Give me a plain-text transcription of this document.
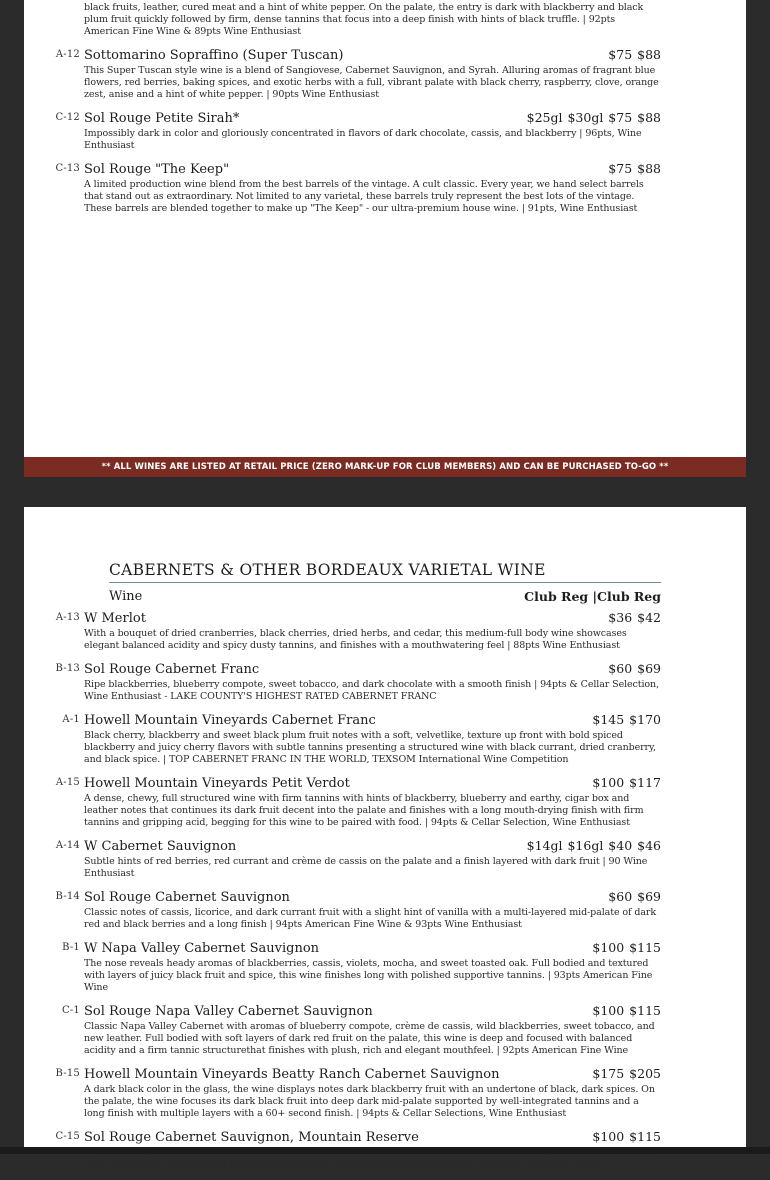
black fruits, leather, cured meat and a hint of white pepper. On the palate, the entry is dark with blackberry and black plum fruit quickly followed by firm, dense tannins that focus into a deep finish with hints of black truffle. | 92pts American Fine Wine & 89pts Wine Enthusiast
A-12 Sottomarino Sopraffino (Super Tuscan)	$75 $88
This Super Tuscan style wine is a blend of Sangiovese, Cabernet Sauvignon, and Syrah. Alluring aromas of fragrant blue flowers, red berries, baking spices, and exotic herbs with a full, vibrant palate with black cherry, raspberry, clove, orange zest, anise and a hint of white pepper. | 90pts Wine Enthusiast
C-12 Sol Rouge Petite Sirah*	$25gl $30gl $75 $88
Impossibly dark in color and gloriously concentrated in flavors of dark chocolate, cassis, and blackberry | 96pts, Wine Enthusiast
C-13 Sol Rouge "The Keep"	$75 $88
A limited production wine blend from the best barrels of the vintage. A cult classic. Every year, we hand select barrels that stand out as extraordinary. Not limited to any varietal, these barrels truly represent the best lots of the vintage. These barrels are blended together to make up "The Keep" - our ultra-premium house wine. | 91pts, Wine Enthusiast
** ALL WINES ARE LISTED AT RETAIL PRICE (ZERO MARK-UP FOR CLUB MEMBERS) AND CAN BE PURCHASED TO-GO **
CABERNETS & OTHER BORDEAUX VARIETAL WINE
Wine	Club Reg |Club Reg
A-13 W Merlot	$36 $42
With a bouquet of dried cranberries, black cherries, dried herbs, and cedar, this medium-full body wine showcases elegant balanced acidity and spicy dusty tannins, and finishes with a mouthwatering feel | 88pts Wine Enthusiast
B-13 Sol Rouge Cabernet Franc	$60 $69
Ripe blackberries, blueberry compote, sweet tobacco, and dark chocolate with a smooth finish | 94pts & Cellar Selection, Wine Enthusiast - LAKE COUNTY'S HIGHEST RATED CABERNET FRANC
A-1 Howell Mountain Vineyards Cabernet Franc	$145 $170
Black cherry, blackberry and sweet black plum fruit notes with a soft, velvetlike, texture up front with bold spiced blackberry and juicy cherry flavors with subtle tannins presenting a structured wine with black currant, dried cranberry, and black spice. | TOP CABERNET FRANC IN THE WORLD, TEXSOM International Wine Competition
A-15 Howell Mountain Vineyards Petit Verdot	$100 $117
A dense, chewy, full structured wine with firm tannins with hints of blackberry, blueberry and earthy, cigar box and leather notes that continues its dark fruit decent into the palate and finishes with a long mouth-drying finish with firm tannins and gripping acid, begging for this wine to be paired with food. | 94pts & Cellar Selection, Wine Enthusiast
A-14 W Cabernet Sauvignon	$14gl $16gl $40 $46
Subtle hints of red berries, red currant and crème de cassis on the palate and a finish layered with dark fruit | 90 Wine Enthusiast
B-14 Sol Rouge Cabernet Sauvignon	$60 $69
Classic notes of cassis, licorice, and dark currant fruit with a slight hint of vanilla with a multi-layered mid-palate of dark red and black berries and a long finish | 94pts American Fine Wine & 93pts Wine Enthusiast
B-1 W Napa Valley Cabernet Sauvignon	$100 $115
The nose reveals heady aromas of blackberries, cassis, violets, mocha, and sweet toasted oak. Full bodied and textured with layers of juicy black fruit and spice, this wine finishes long with polished supportive tannins. | 93pts American Fine Wine
C-1 Sol Rouge Napa Valley Cabernet Sauvignon	$100 $115
Classic Napa Valley Cabernet with aromas of blueberry compote, crème de cassis, wild blackberries, sweet tobacco, and new leather. Full bodied with soft layers of dark red fruit on the palate, this wine is deep and focused with balanced acidity and a firm tannic structurethat finishes with plush, rich and elegant mouthfeel. | 92pts American Fine Wine
B-15 Howell Mountain Vineyards Beatty Ranch Cabernet Sauvignon	$175 $205
A dark black color in the glass, the wine displays notes dark blackberry fruit with an undertone of black, dark spices. On the palate, the wine focuses its dark black fruit into deep dark mid-palate supported by well-integrated tannins and a long finish with multiple layers with a 60+ second finish. | 94pts & Cellar Selections, Wine Enthusiast
C-15 Sol Rouge Cabernet Sauvignon, Mountain Reserve	$100 $115
both world-class winegrowing regions located in the Mayacamas Mountain Range. Drinking well now. | 98pts
